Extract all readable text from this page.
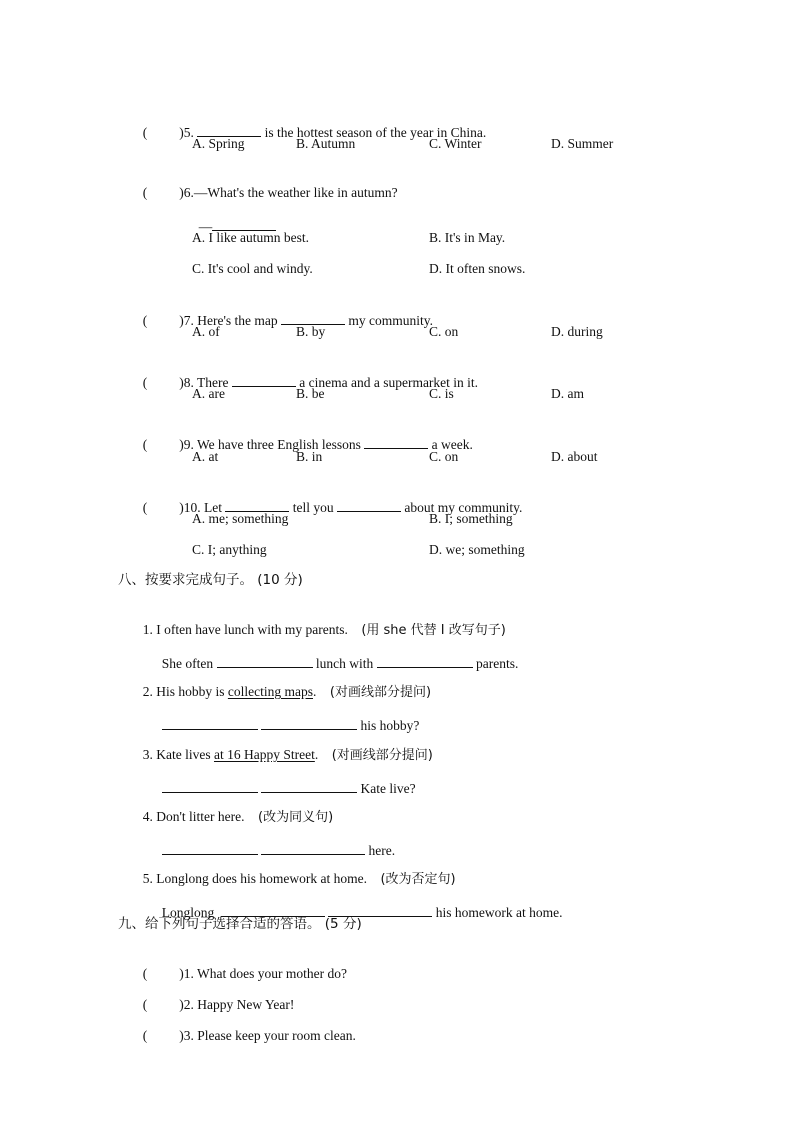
( )5.	is the hottest season of the year in China.

A. Spring	B. Autumn	C. Winter	D. Summer

( )6.—What's the weather like in autumn?

—

A. I like autumn best.	B. It's in May.
C. It's cool and windy.	D. It often snows.

( )7. Here's the map	my community.

A. of	B. by	C. on	D. during

( )8. There	a cinema and a supermarket in it.

A. are	B. be	C. is	D. am

( )9. We have three English lessons	a week.

A. at	B. in	C. on	D. about

( )10. Let	tell you	about my community.

A. me; something	B. I; something
C. I; anything	D. we; something
八、按要求完成句子。 (10 分)

1. I often have lunch with my parents. (用 she 代替 I 改写句子)

She often	lunch with	parents.

2. His hobby is collecting maps. (对画线部分提问)

his hobby?

3. Kate lives at 16 Happy Street. (对画线部分提问)

Kate live?

4. Don't litter here. (改为同义句)

here.

5. Longlong does his homework at home. (改为否定句)

Longlong	his homework at home.

九、给下列句子选择合适的答语。 (5 分)

( )1. What does your mother do?

( )2. Happy New Year!

( )3. Please keep your room clean.
